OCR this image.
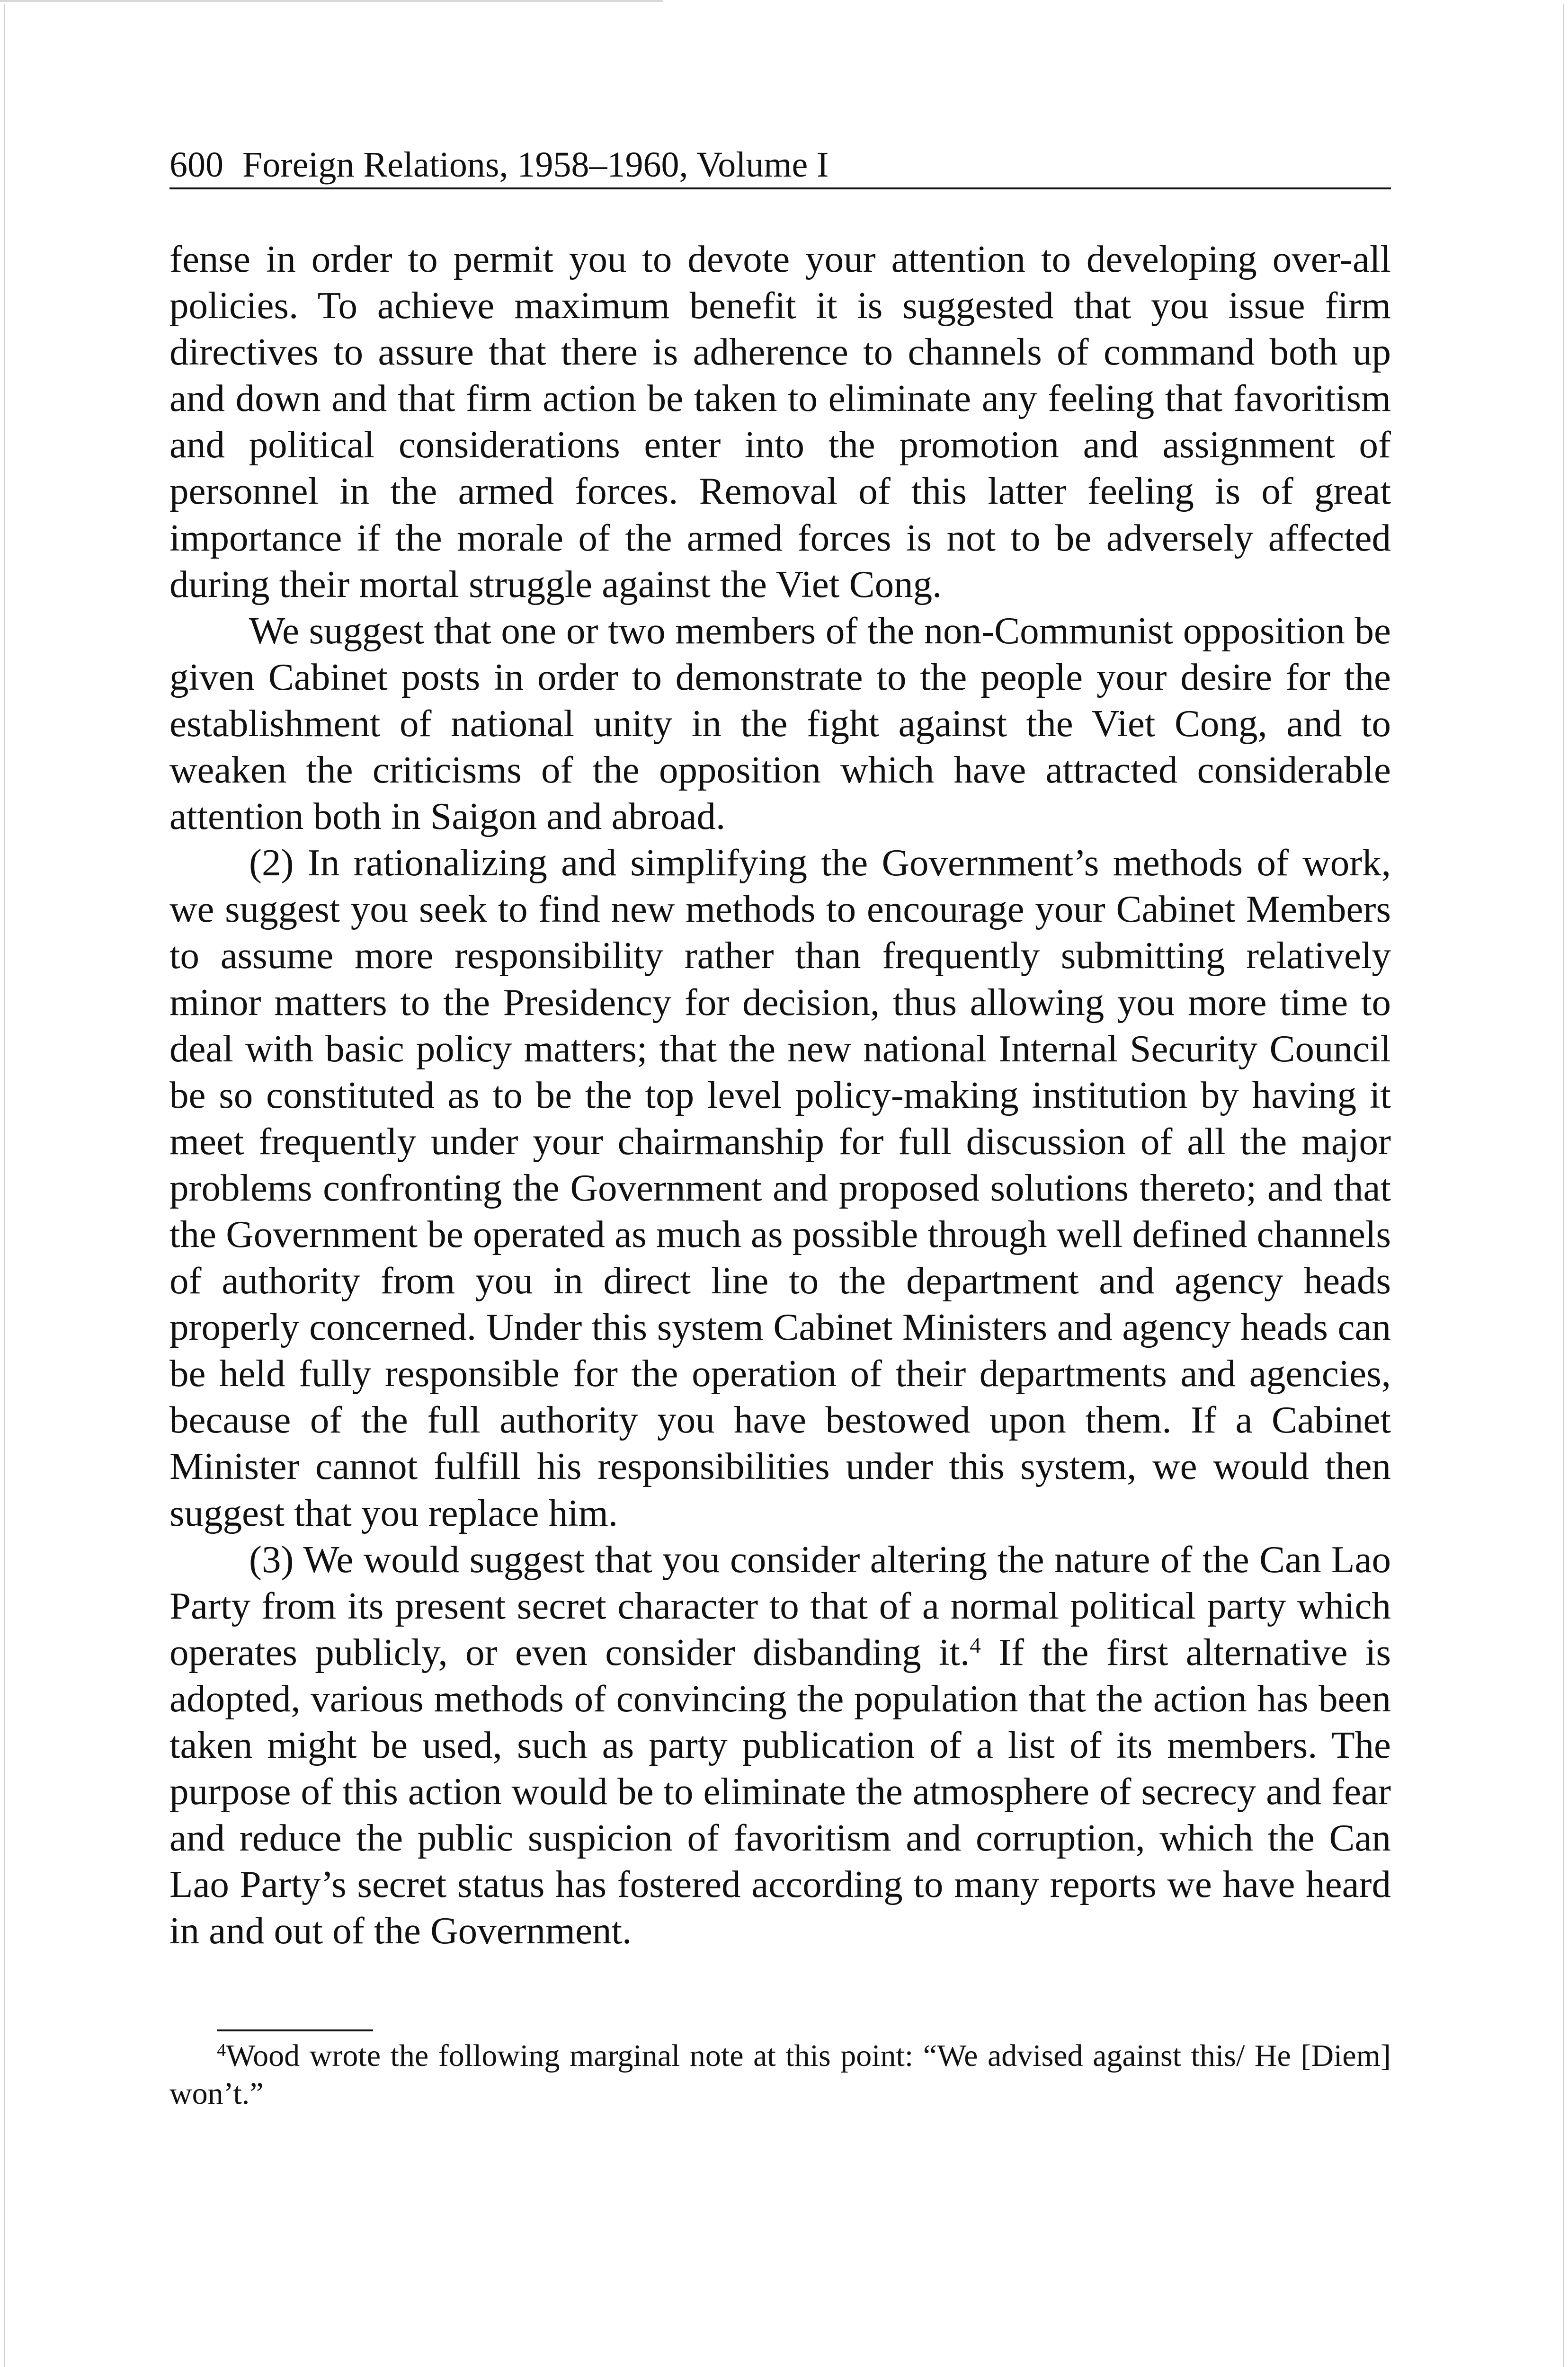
600 Foreign Relations, 1958–1960, Volume I

fense in order to permit you to devote your attention to developing over-all policies. To achieve maximum benefit it is suggested that you issue firm directives to assure that there is adherence to channels of command both up and down and that firm action be taken to eliminate any feeling that favoritism and political considerations enter into the promotion and assignment of personnel in the armed forces. Removal of this latter feeling is of great importance if the morale of the armed forces is not to be adversely affected during their mortal struggle against the Viet Cong.

We suggest that one or two members of the non-Communist opposition be given Cabinet posts in order to demonstrate to the people your desire for the establishment of national unity in the fight against the Viet Cong, and to weaken the criticisms of the opposition which have attracted considerable attention both in Saigon and abroad.

(2) In rationalizing and simplifying the Government’s methods of work, we suggest you seek to find new methods to encourage your Cabinet Members to assume more responsibility rather than frequently submitting relatively minor matters to the Presidency for decision, thus allowing you more time to deal with basic policy matters; that the new national Internal Security Council be so constituted as to be the top level policy-making institution by having it meet frequently under your chairmanship for full discussion of all the major problems confronting the Government and proposed solutions thereto; and that the Government be operated as much as possible through well defined channels of authority from you in direct line to the department and agency heads properly concerned. Under this system Cabinet Ministers and agency heads can be held fully responsible for the operation of their departments and agencies, because of the full authority you have bestowed upon them. If a Cabinet Minister cannot fulfill his responsibilities under this system, we would then suggest that you replace him.

(3) We would suggest that you consider altering the nature of the Can Lao Party from its present secret character to that of a normal political party which operates publicly, or even consider disbanding it.$^4$ If the first alternative is adopted, various methods of convincing the population that the action has been taken might be used, such as party publication of a list of its members. The purpose of this action would be to eliminate the atmosphere of secrecy and fear and reduce the public suspicion of favoritism and corruption, which the Can Lao Party’s secret status has fostered according to many reports we have heard in and out of the Government.

$^4$Wood wrote the following marginal note at this point: “We advised against this/ He [Diem] won’t.”
